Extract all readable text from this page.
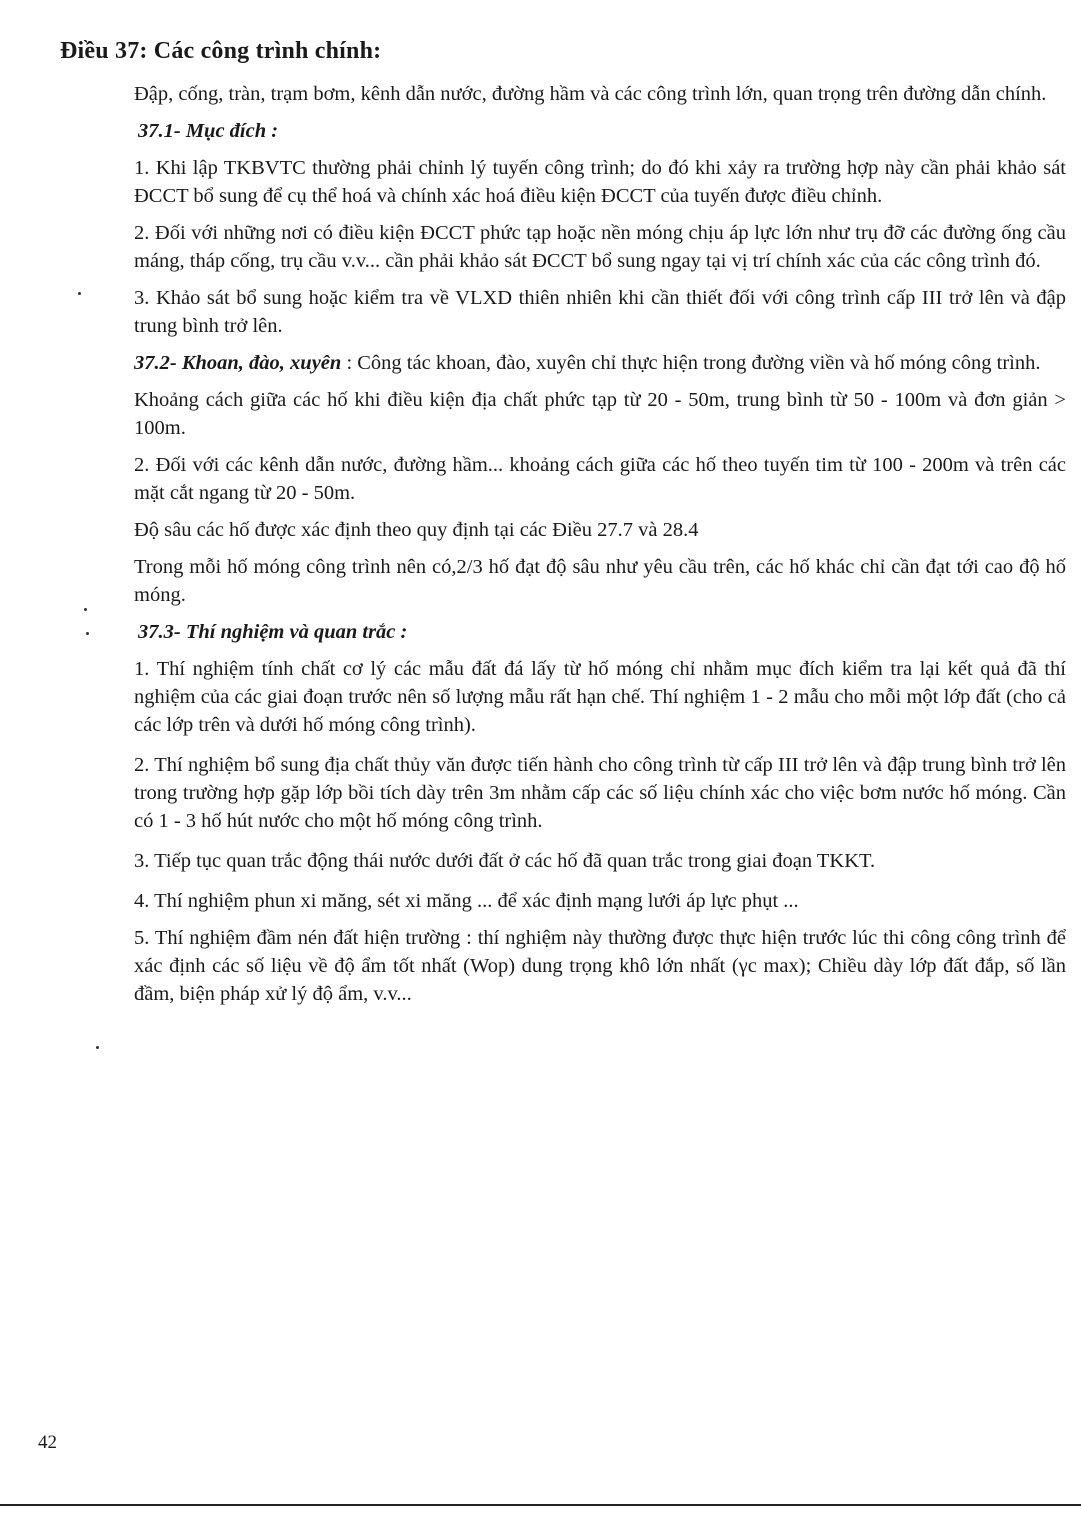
Điều 37: Các công trình chính:

Đập, cống, tràn, trạm bơm, kênh dẫn nước, đường hầm và các công trình lớn, quan trọng trên đường dẫn chính.

37.1- Mục đích :

1. Khi lập TKBVTC thường phải chỉnh lý tuyến công trình; do đó khi xảy ra trường hợp này cần phải khảo sát ĐCCT bổ sung để cụ thể hoá và chính xác hoá điều kiện ĐCCT của tuyến được điều chỉnh.

2. Đối với những nơi có điều kiện ĐCCT phức tạp hoặc nền móng chịu áp lực lớn như trụ đỡ các đường ống cầu máng, tháp cống, trụ cầu v.v... cần phải khảo sát ĐCCT bổ sung ngay tại vị trí chính xác của các công trình đó.

3. Khảo sát bổ sung hoặc kiểm tra về VLXD thiên nhiên khi cần thiết đối với công trình cấp III trở lên và đập trung bình trở lên.

37.2- Khoan, đào, xuyên : Công tác khoan, đào, xuyên chỉ thực hiện trong đường viền và hố móng công trình.

Khoảng cách giữa các hố khi điều kiện địa chất phức tạp từ 20 - 50m, trung bình từ 50 - 100m và đơn giản > 100m.

2. Đối với các kênh dẫn nước, đường hầm... khoảng cách giữa các hố theo tuyến tim từ 100 - 200m và trên các mặt cắt ngang từ 20 - 50m.

Độ sâu các hố được xác định theo quy định tại các Điều 27.7 và 28.4

Trong mỗi hố móng công trình nên có,2/3 hố đạt độ sâu như yêu cầu trên, các hố khác chỉ cần đạt tới cao độ hố móng.

37.3- Thí nghiệm và quan trắc :

1. Thí nghiệm tính chất cơ lý các mẫu đất đá lấy từ hố móng chỉ nhằm mục đích kiểm tra lại kết quả đã thí nghiệm của các giai đoạn trước nên số lượng mẫu rất hạn chế. Thí nghiệm 1 - 2 mẫu cho mỗi một lớp đất (cho cả các lớp trên và dưới hố móng công trình).

2. Thí nghiệm bổ sung địa chất thủy văn được tiến hành cho công trình từ cấp III trở lên và đập trung bình trở lên trong trường hợp gặp lớp bồi tích dày trên 3m nhằm cấp các số liệu chính xác cho việc bơm nước hố móng. Cần có 1 - 3 hố hút nước cho một hố móng công trình.

3. Tiếp tục quan trắc động thái nước dưới đất ở các hố đã quan trắc trong giai đoạn TKKT.

4. Thí nghiệm phun xi măng, sét xi măng ... để xác định mạng lưới áp lực phụt ...

5. Thí nghiệm đầm nén đất hiện trường : thí nghiệm này thường được thực hiện trước lúc thi công công trình để xác định các số liệu về độ ẩm tốt nhất (Wop) dung trọng khô lớn nhất (γc max); Chiều dày lớp đất đắp, số lần đầm, biện pháp xử lý độ ẩm, v.v...

42
